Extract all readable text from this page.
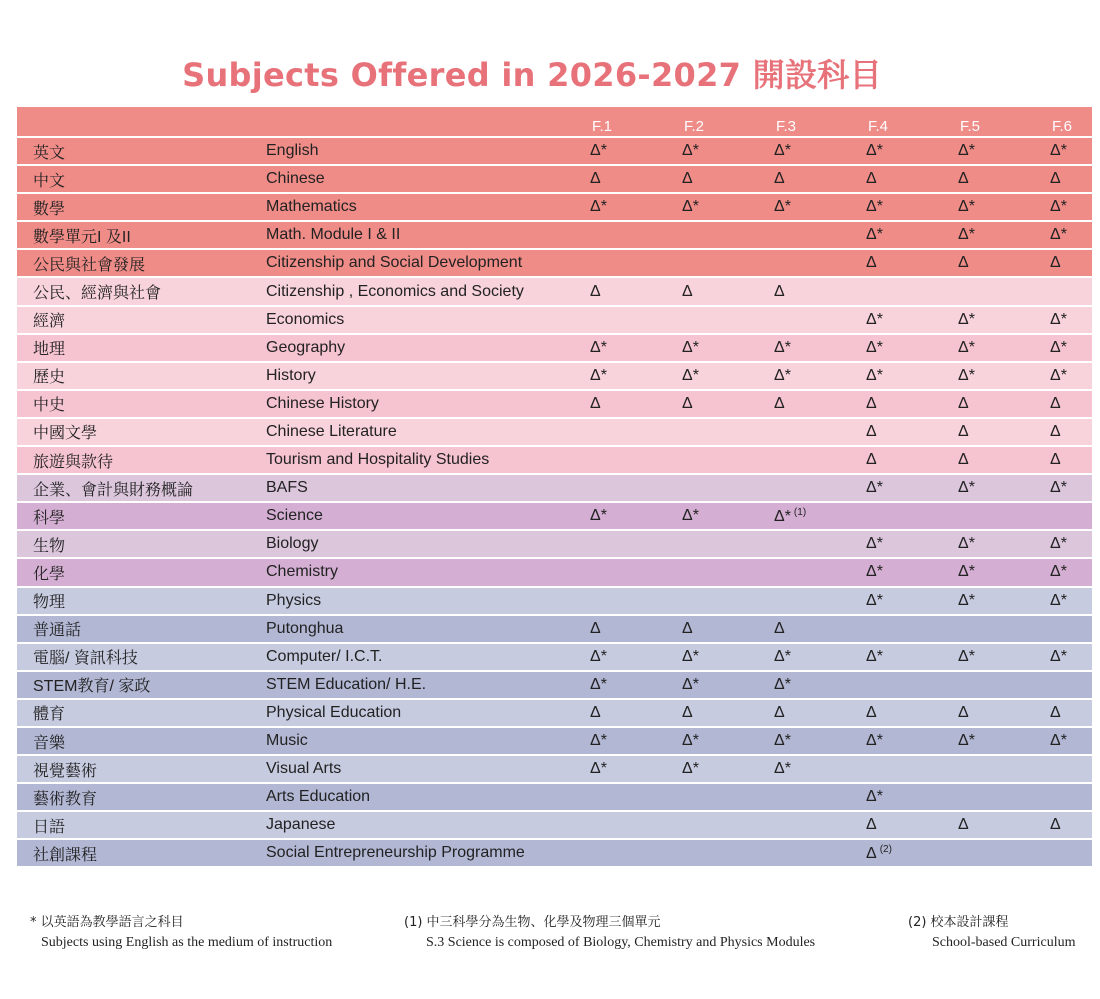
Subjects Offered in 2026-2027 開設科目
		F.1	F.2	F.3	F.4	F.5	F.6
英文	English	Δ*	Δ*	Δ*	Δ*	Δ*	Δ*
中文	Chinese	Δ	Δ	Δ	Δ	Δ	Δ
數學	Mathematics	Δ*	Δ*	Δ*	Δ*	Δ*	Δ*
數學單元I 及II	Math. Module I & II				Δ*	Δ*	Δ*
公民與社會發展	Citizenship and Social Development				Δ	Δ	Δ
公民、經濟與社會	Citizenship , Economics and Society	Δ	Δ	Δ			
經濟	Economics				Δ*	Δ*	Δ*
地理	Geography	Δ*	Δ*	Δ*	Δ*	Δ*	Δ*
歷史	History	Δ*	Δ*	Δ*	Δ*	Δ*	Δ*
中史	Chinese History	Δ	Δ	Δ	Δ	Δ	Δ
中國文學	Chinese Literature				Δ	Δ	Δ
旅遊與款待	Tourism and Hospitality Studies				Δ	Δ	Δ
企業、會計與財務概論	BAFS				Δ*	Δ*	Δ*
科學	Science	Δ*	Δ*	Δ* $^{(1)}$			
生物	Biology				Δ*	Δ*	Δ*
化學	Chemistry				Δ*	Δ*	Δ*
物理	Physics				Δ*	Δ*	Δ*
普通話	Putonghua	Δ	Δ	Δ			
電腦/ 資訊科技	Computer/ I.C.T.	Δ*	Δ*	Δ*	Δ*	Δ*	Δ*
STEM教育/ 家政	STEM Education/ H.E.	Δ*	Δ*	Δ*			
體育	Physical Education	Δ	Δ	Δ	Δ	Δ	Δ
音樂	Music	Δ*	Δ*	Δ*	Δ*	Δ*	Δ*
視覺藝術	Visual Arts	Δ*	Δ*	Δ*			
藝術教育	Arts Education				Δ*		
日語	Japanese				Δ	Δ	Δ
社創課程	Social Entrepreneurship Programme				Δ $^{(2)}$		
* 以英語為教學語言之科目
Subjects using English as the medium of instruction
(1) 中三科學分為生物、化學及物理三個單元
S.3 Science is composed of Biology, Chemistry and Physics Modules
(2) 校本設計課程
School-based Curriculum
